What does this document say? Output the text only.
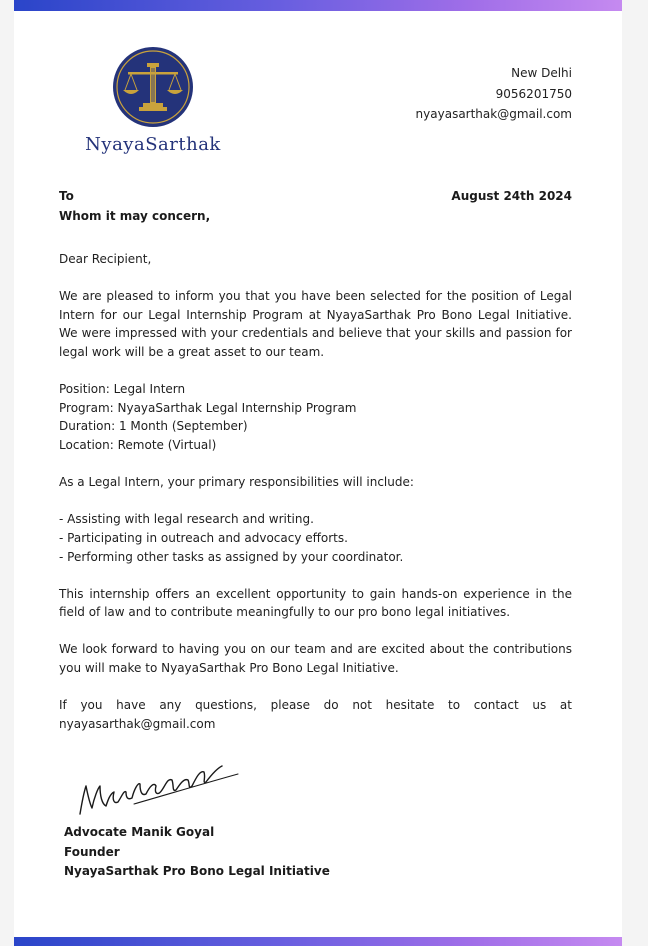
NyayaSarthak
New Delhi
9056201750
nyayasarthak@gmail.com
To
Whom it may concern,
August 24th 2024

Dear Recipient,

We are pleased to inform you that you have been selected for the position of Legal Intern for our Legal Internship Program at NyayaSarthak Pro Bono Legal Initiative. We were impressed with your credentials and believe that your skills and passion for legal work will be a great asset to our team.

Position: Legal Intern

Program: NyayaSarthak Legal Internship Program

Duration: 1 Month (September)

Location: Remote (Virtual)

As a Legal Intern, your primary responsibilities will include:

- Assisting with legal research and writing.

- Participating in outreach and advocacy efforts.

- Performing other tasks as assigned by your coordinator.

This internship offers an excellent opportunity to gain hands-on experience in the field of law and to contribute meaningfully to our pro bono legal initiatives.

We look forward to having you on our team and are excited about the contributions you will make to NyayaSarthak Pro Bono Legal Initiative.

If you have any questions, please do not hesitate to contact us at nyayasarthak@gmail.com

Advocate Manik Goyal
Founder
NyayaSarthak Pro Bono Legal Initiative
